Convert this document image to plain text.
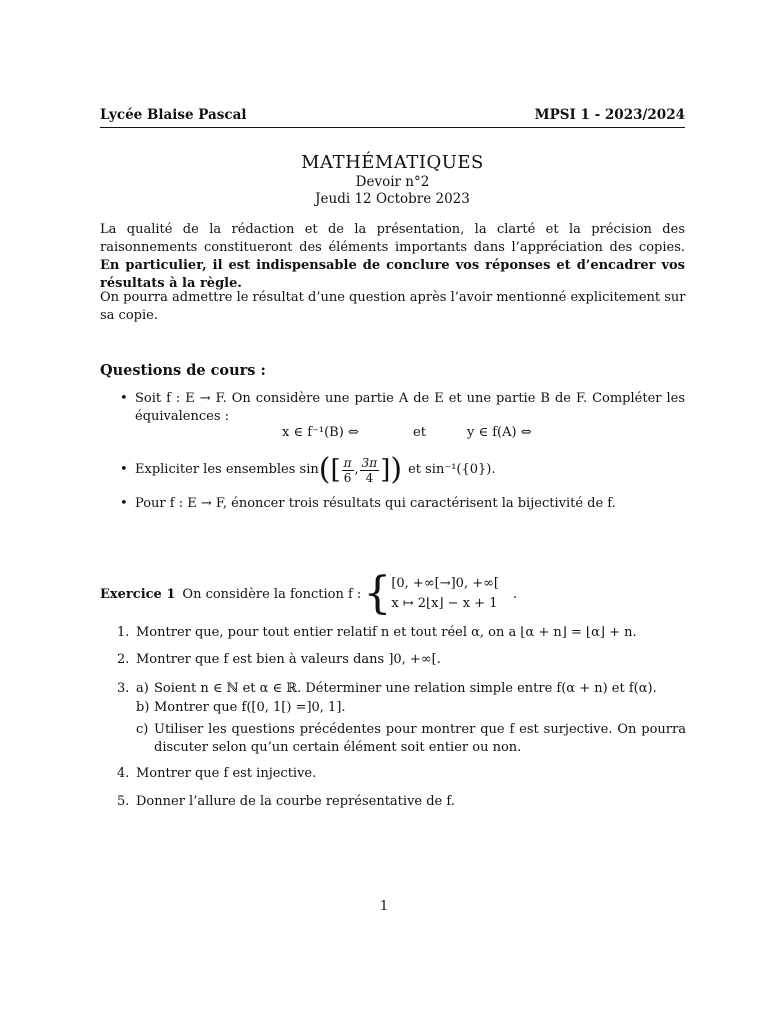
Lycée Blaise Pascal	MPSI 1 - 2023/2024
MATHÉMATIQUES
Devoir n°2
Jeudi 12 Octobre 2023
La qualité de la rédaction et de la présentation, la clarté et la précision des raisonnements constitueront des éléments importants dans l’appréciation des copies. En particulier, il est indispensable de conclure vos réponses et d’encadrer vos résultats à la règle.
On pourra admettre le résultat d’une question après l’avoir mentionné explicitement sur sa copie.
Questions de cours :
• Soit f : E → F. On considère une partie A de E et une partie B de F. Compléter les équivalences :
x ∈ f⁻¹(B) ⇔	et	y ∈ f(A) ⇔
• Expliciter les ensembles sin ( [ $\frac{\pi}{6}$ , $\frac{3\pi}{4}$ ] ) et sin⁻¹({0}).
• Pour f : E → F, énoncer trois résultats qui caractérisent la bijectivité de f.
Exercice 1 On considère la fonction f : { [0, +∞[→]0, +∞[
x ↦ 2⌊x⌋ − x + 1
.
1. Montrer que, pour tout entier relatif n et tout réel α, on a ⌊α + n⌋ = ⌊α⌋ + n.
2. Montrer que f est bien à valeurs dans ]0, +∞[.
3. a) Soient n ∈ ℕ et α ∈ ℝ. Déterminer une relation simple entre f(α + n) et f(α).
b) Montrer que f([0, 1[) =]0, 1].
c) Utiliser les questions précédentes pour montrer que f est surjective. On pourra discuter selon qu’un certain élément soit entier ou non.
4. Montrer que f est injective.
5. Donner l’allure de la courbe représentative de f.
1
